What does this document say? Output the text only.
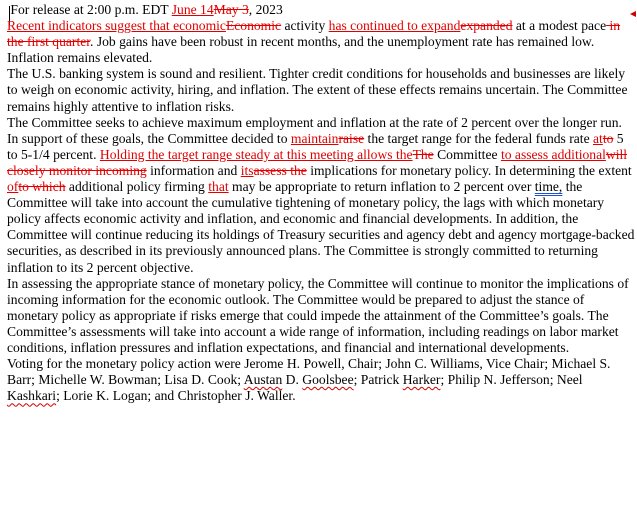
For release at 2:00 p.m. EDT June 14May 3, 2023

Recent indicators suggest that economicEconomic activity has continued to expandexpanded at a modest pace in the first quarter. Job gains have been robust in recent months, and the unemployment rate has remained low. Inflation remains elevated.

The U.S. banking system is sound and resilient. Tighter credit conditions for households and businesses are likely to weigh on economic activity, hiring, and inflation. The extent of these effects remains uncertain. The Committee remains highly attentive to inflation risks.

The Committee seeks to achieve maximum employment and inflation at the rate of 2 percent over the longer run. In support of these goals, the Committee decided to maintainraise the target range for the federal funds rate atto 5 to 5-1/4 percent. Holding the target range steady at this meeting allows theThe Committee to assess additionalwill closely monitor incoming information and itsassess the implications for monetary policy. In determining the extent ofto which additional policy firming that may be appropriate to return inflation to 2 percent over time, the Committee will take into account the cumulative tightening of monetary policy, the lags with which monetary policy affects economic activity and inflation, and economic and financial developments. In addition, the Committee will continue reducing its holdings of Treasury securities and agency debt and agency mortgage-backed securities, as described in its previously announced plans. The Committee is strongly committed to returning inflation to its 2 percent objective.

In assessing the appropriate stance of monetary policy, the Committee will continue to monitor the implications of incoming information for the economic outlook. The Committee would be prepared to adjust the stance of monetary policy as appropriate if risks emerge that could impede the attainment of the Committee’s goals. The Committee’s assessments will take into account a wide range of information, including readings on labor market conditions, inflation pressures and inflation expectations, and financial and international developments.

Voting for the monetary policy action were Jerome H. Powell, Chair; John C. Williams, Vice Chair; Michael S. Barr; Michelle W. Bowman; Lisa D. Cook; Austan D. Goolsbee; Patrick Harker; Philip N. Jefferson; Neel Kashkari; Lorie K. Logan; and Christopher J. Waller.
